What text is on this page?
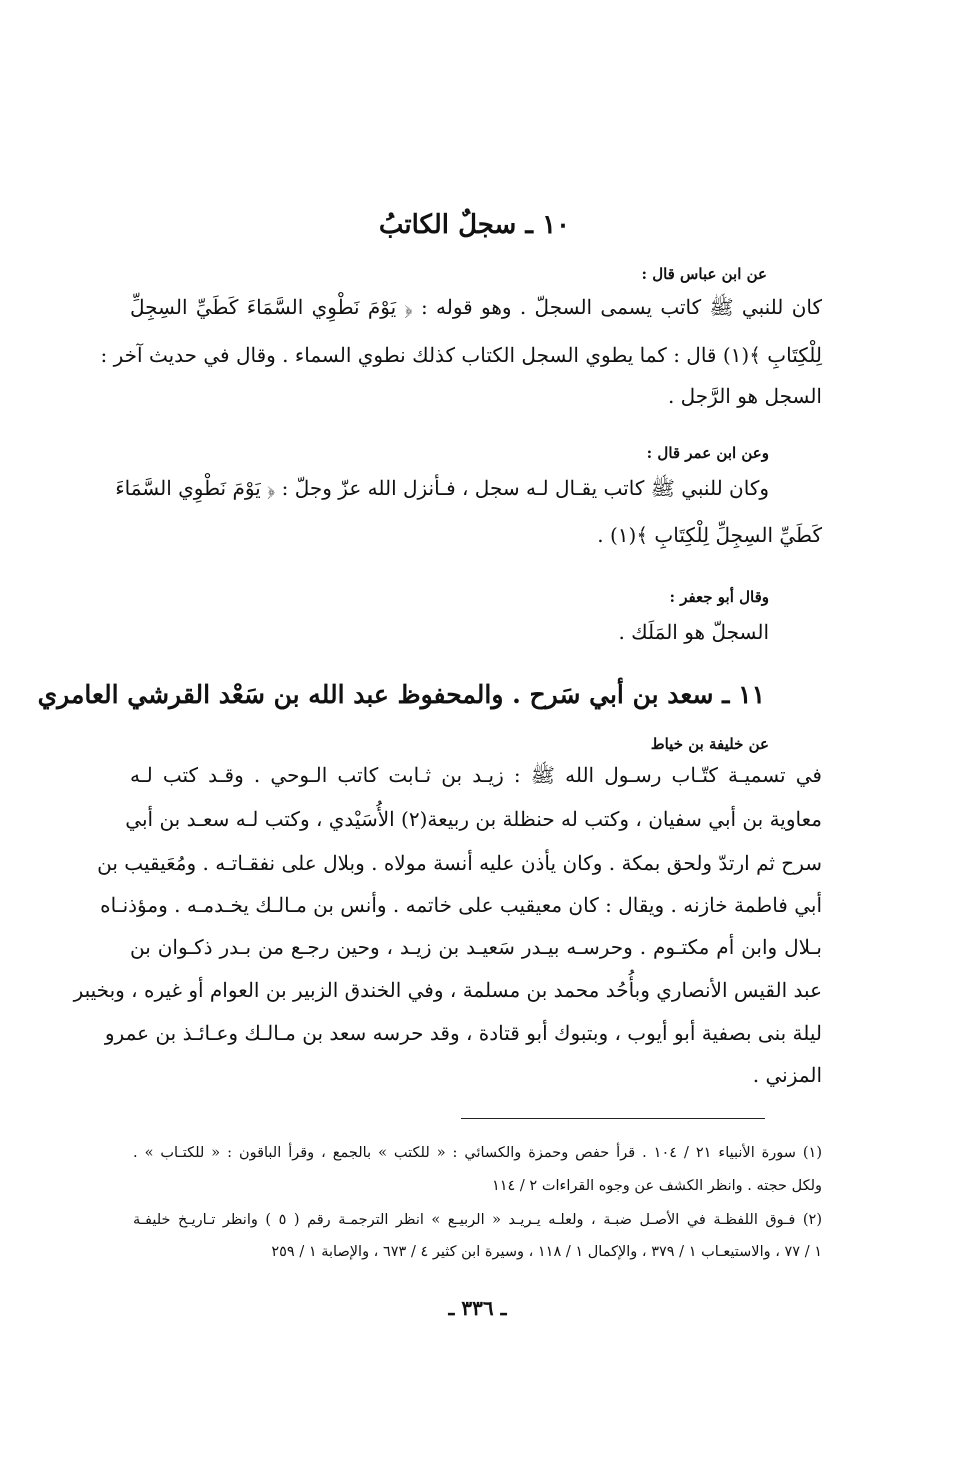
١٠ ـ سجلٌ الكاتبُ
عن ابن عباس قال :
كان للنبي ﷺ كاتب يسمى السجلّ . وهو قوله : ﴿ يَوْمَ نَطْوِي السَّمَاءَ كَطَيِّ السِجِلِّ
لِلْكِتَابِ ﴾(١) قال : كما يطوي السجل الكتاب كذلك نطوي السماء . وقال في حديث آخر :
السجل هو الرَّجل .
وعن ابن عمر قال :
وكان للنبي ﷺ كاتب يقـال لـه سجل ، فـأنزل الله عزّ وجلّ : ﴿ يَوْمَ نَطْوِي السَّمَاءَ
كَطَيِّ السِجِلِّ لِلْكِتَابِ ﴾(١) .
وقال أبو جعفر :
السجلّ هو المَلَك .
١١ ـ سعد بن أبي سَرح . والمحفوظ عبد الله بن سَعْد القرشي العامري
عن خليفة بن خياط
في تسميـة كتّـاب رسـول الله ﷺ : زيـد بن ثـابت كاتب الـوحي . وقـد كتب لـه
معاوية بن أبي سفيان ، وكتب له حنظلة بن ربيعة(٢) الأُسَيْدي ، وكتب لـه سعـد بن أبي
سرح ثم ارتدّ ولحق بمكة . وكان يأذن عليه أنسة مولاه . وبلال على نفقـاتـه . ومُعَيقيب بن
أبي فاطمة خازنه . ويقال : كان معيقيب على خاتمه . وأنس بن مـالـك يخـدمـه . ومؤذنـاه
بـلال وابن أم مكتـوم . وحرسـه بيـدر سَعيـد بن زيـد ، وحين رجـع من بـدر ذكـوان بن
عبد القيس الأنصاري وبأُحُد محمد بن مسلمة ، وفي الخندق الزبير بن العوام أو غيره ، وبخيبر
ليلة بنى بصفية أبو أيوب ، وبتبوك أبو قتادة ، وقد حرسه سعد بن مـالـك وعـائـذ بن عمرو
المزني .
(١) سورة الأنبياء ٢١ / ١٠٤ . قرأ حفص وحمزة والكسائي : « للكتب » بالجمع ، وقرأ الباقون : « للكتـاب » .
ولكل حجته . وانظر الكشف عن وجوه القراءات ٢ / ١١٤
(٢) فـوق اللفظـة في الأصـل ضبـة ، ولعلـه يـريـد « الربيـع » انظر الترجمـة رقم ( ٥ ) وانظر تـاريـخ خليفـة
١ / ٧٧ ، والاستيعـاب ١ / ٣٧٩ ، والإكمال ١ / ١١٨ ، وسيرة ابن كثير ٤ / ٦٧٣ ، والإصابة ١ / ٢٥٩
ـ ٣٣٦ ـ
